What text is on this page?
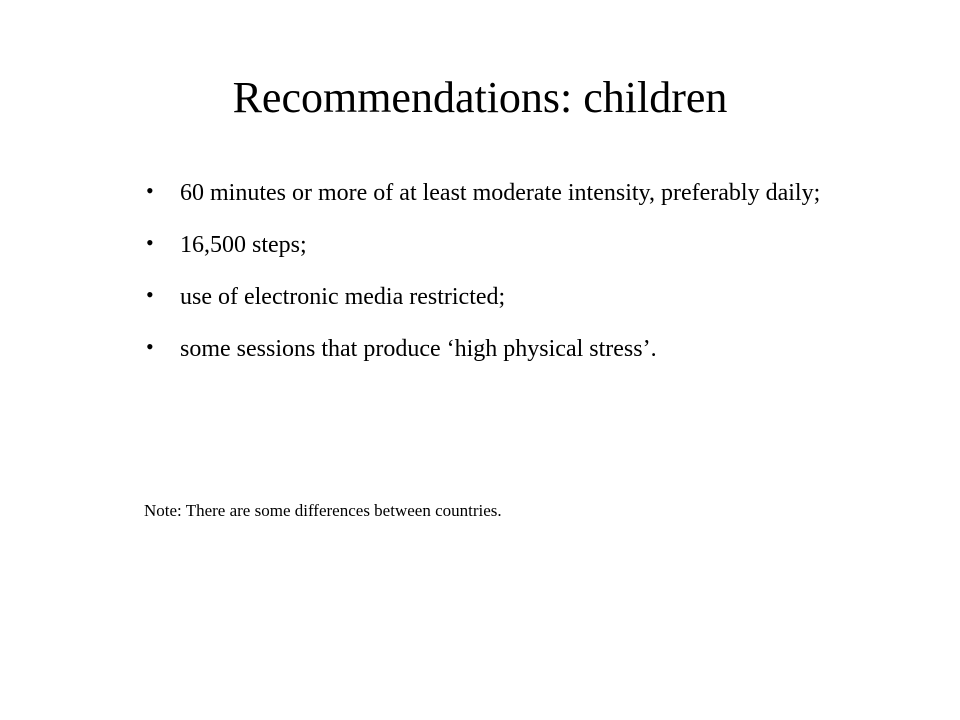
Recommendations: children
• 60 minutes or more of at least moderate intensity, preferably daily;
• 16,500 steps;
• use of electronic media restricted;
• some sessions that produce ‘high physical stress’.

Note: There are some differences between countries.
